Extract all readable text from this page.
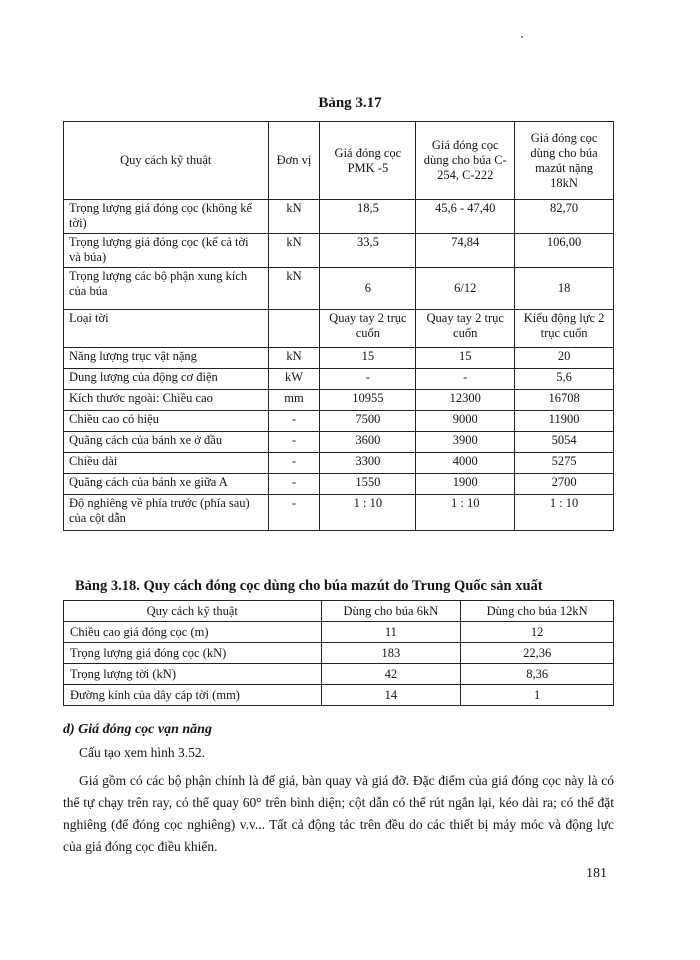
Bảng 3.17
Quy cách kỹ thuật	Đơn vị	Giá đóng cọc PMK -5	Giá đóng cọc dùng cho búa C-254, C-222	Giá đóng cọc dùng cho búa mazút nặng 18kN
Trọng lượng giá đóng cọc (không kể tời)	kN	18,5	45,6 - 47,40	82,70
Trọng lượng giá đóng cọc (kể cả tời và búa)	kN	33,5	74,84	106,00
Trọng lượng các bộ phận xung kích của búa	kN	6	6/12	18
Loại tời		Quay tay 2 trục cuốn	Quay tay 2 trục cuốn	Kiểu động lực 2 trục cuốn
Năng lượng trục vật nặng	kN	15	15	20
Dung lượng của động cơ điện	kW	-	-	5,6
Kích thước ngoài: Chiều cao	mm	10955	12300	16708
Chiều cao có hiệu	-	7500	9000	11900
Quãng cách của bánh xe ở đầu	-	3600	3900	5054
Chiều dài	-	3300	4000	5275
Quãng cách của bánh xe giữa A	-	1550	1900	2700
Độ nghiêng về phía trước (phía sau) của cột dẫn	-	1 : 10	1 : 10	1 : 10
Bảng 3.18. Quy cách đóng cọc dùng cho búa mazút do Trung Quốc sản xuất
Quy cách kỹ thuật	Dùng cho búa 6kN	Dùng cho búa 12kN
Chiều cao giá đóng cọc (m)	11	12
Trọng lượng giá đóng cọc (kN)	183	22,36
Trọng lượng tời (kN)	42	8,36
Đường kính của dây cáp tời (mm)	14	1
d) Giá đóng cọc vạn năng
Cấu tạo xem hình 3.52.
Giá gồm có các bộ phận chính là đế giá, bàn quay và giá đỡ. Đặc điểm của giá đóng cọc này là có thể tự chạy trên ray, có thể quay 60° trên bình diện; cột dẫn có thể rút ngắn lại, kéo dài ra; có thể đặt nghiêng (để đóng cọc nghiêng) v.v... Tất cả động tác trên đều do các thiết bị máy móc và động lực của giá đóng cọc điều khiển.
181
